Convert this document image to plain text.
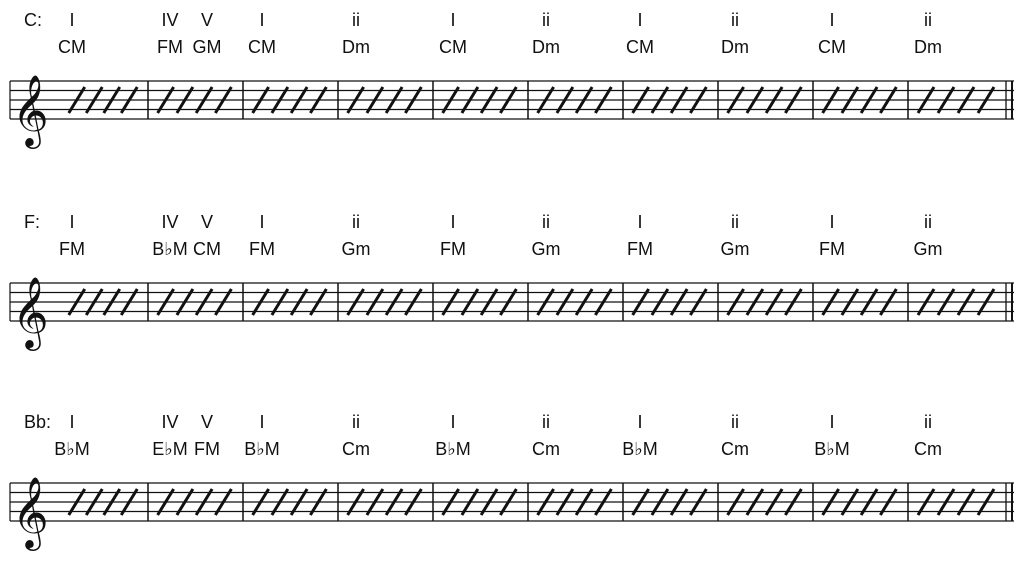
C: I	IV V	I	ii	I	ii	I	ii	I	ii
CM	FM GM CM	Dm	CM	Dm	CM	Dm	CM	Dm
𝄞
F: I	IV V	I	ii	I	ii	I	ii	I	ii
FM	B♭M CM FM	Gm	FM	Gm	FM	Gm	FM	Gm
𝄞
Bb: I	IV V	I	ii	I	ii	I	ii	I	ii
B♭M	E♭M FM B♭M	Cm	B♭M	Cm	B♭M	Cm	B♭M	Cm
𝄞
